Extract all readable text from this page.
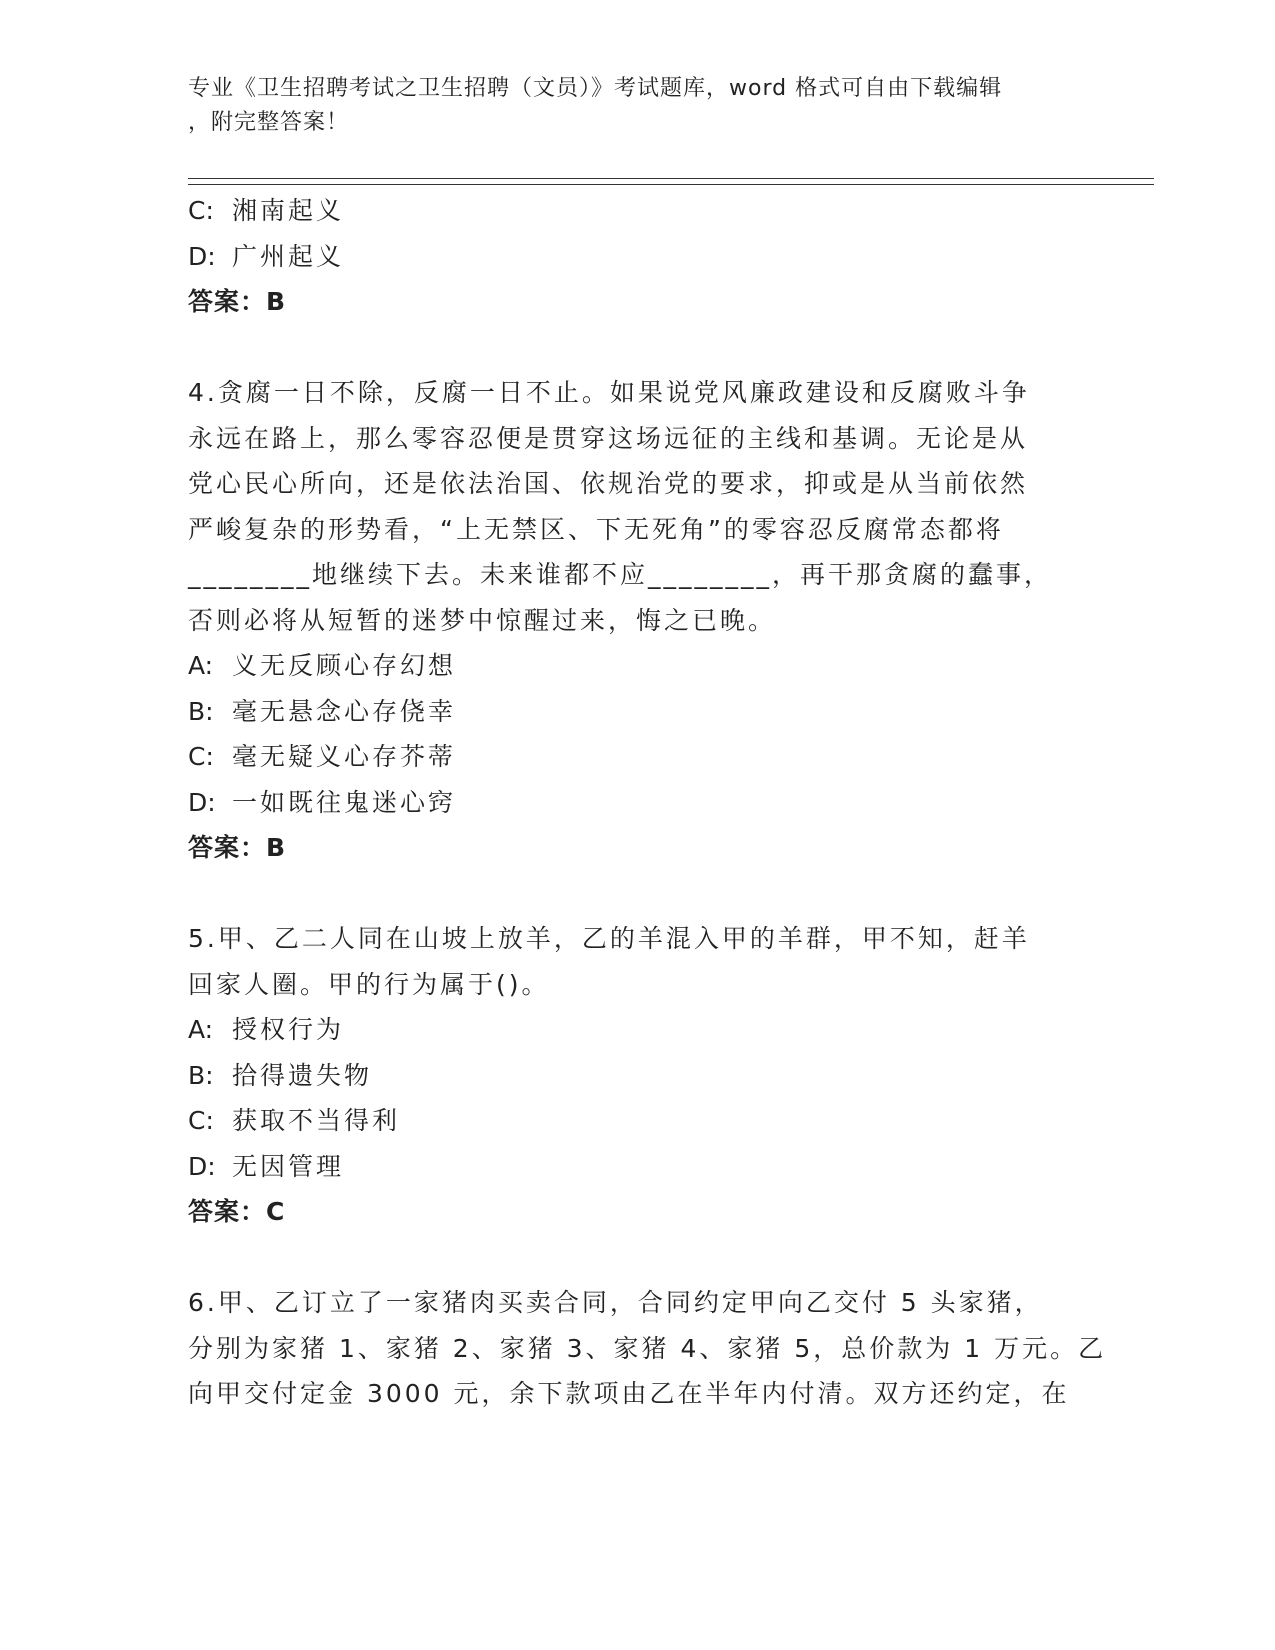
专业《卫生招聘考试之卫生招聘（文员）》考试题库，word 格式可自由下载编辑

，附完整答案！

C: 湘南起义
D: 广州起义
答案：B
4.贪腐一日不除，反腐一日不止。如果说党风廉政建设和反腐败斗争
永远在路上，那么零容忍便是贯穿这场远征的主线和基调。无论是从
党心民心所向，还是依法治国、依规治党的要求，抑或是从当前依然
严峻复杂的形势看，“上无禁区、下无死角”的零容忍反腐常态都将
________地继续下去。未来谁都不应________，再干那贪腐的蠢事，
否则必将从短暂的迷梦中惊醒过来，悔之已晚。
A: 义无反顾心存幻想
B: 毫无悬念心存侥幸
C: 毫无疑义心存芥蒂
D: 一如既往鬼迷心窍
答案：B
5.甲、乙二人同在山坡上放羊，乙的羊混入甲的羊群，甲不知，赶羊
回家人圈。甲的行为属于()。
A: 授权行为
B: 拾得遗失物
C: 获取不当得利
D: 无因管理
答案：C
6.甲、乙订立了一家猪肉买卖合同，合同约定甲向乙交付 5 头家猪，
分别为家猪 1、家猪 2、家猪 3、家猪 4、家猪 5，总价款为 1 万元。乙
向甲交付定金 3000 元，余下款项由乙在半年内付清。双方还约定，在
